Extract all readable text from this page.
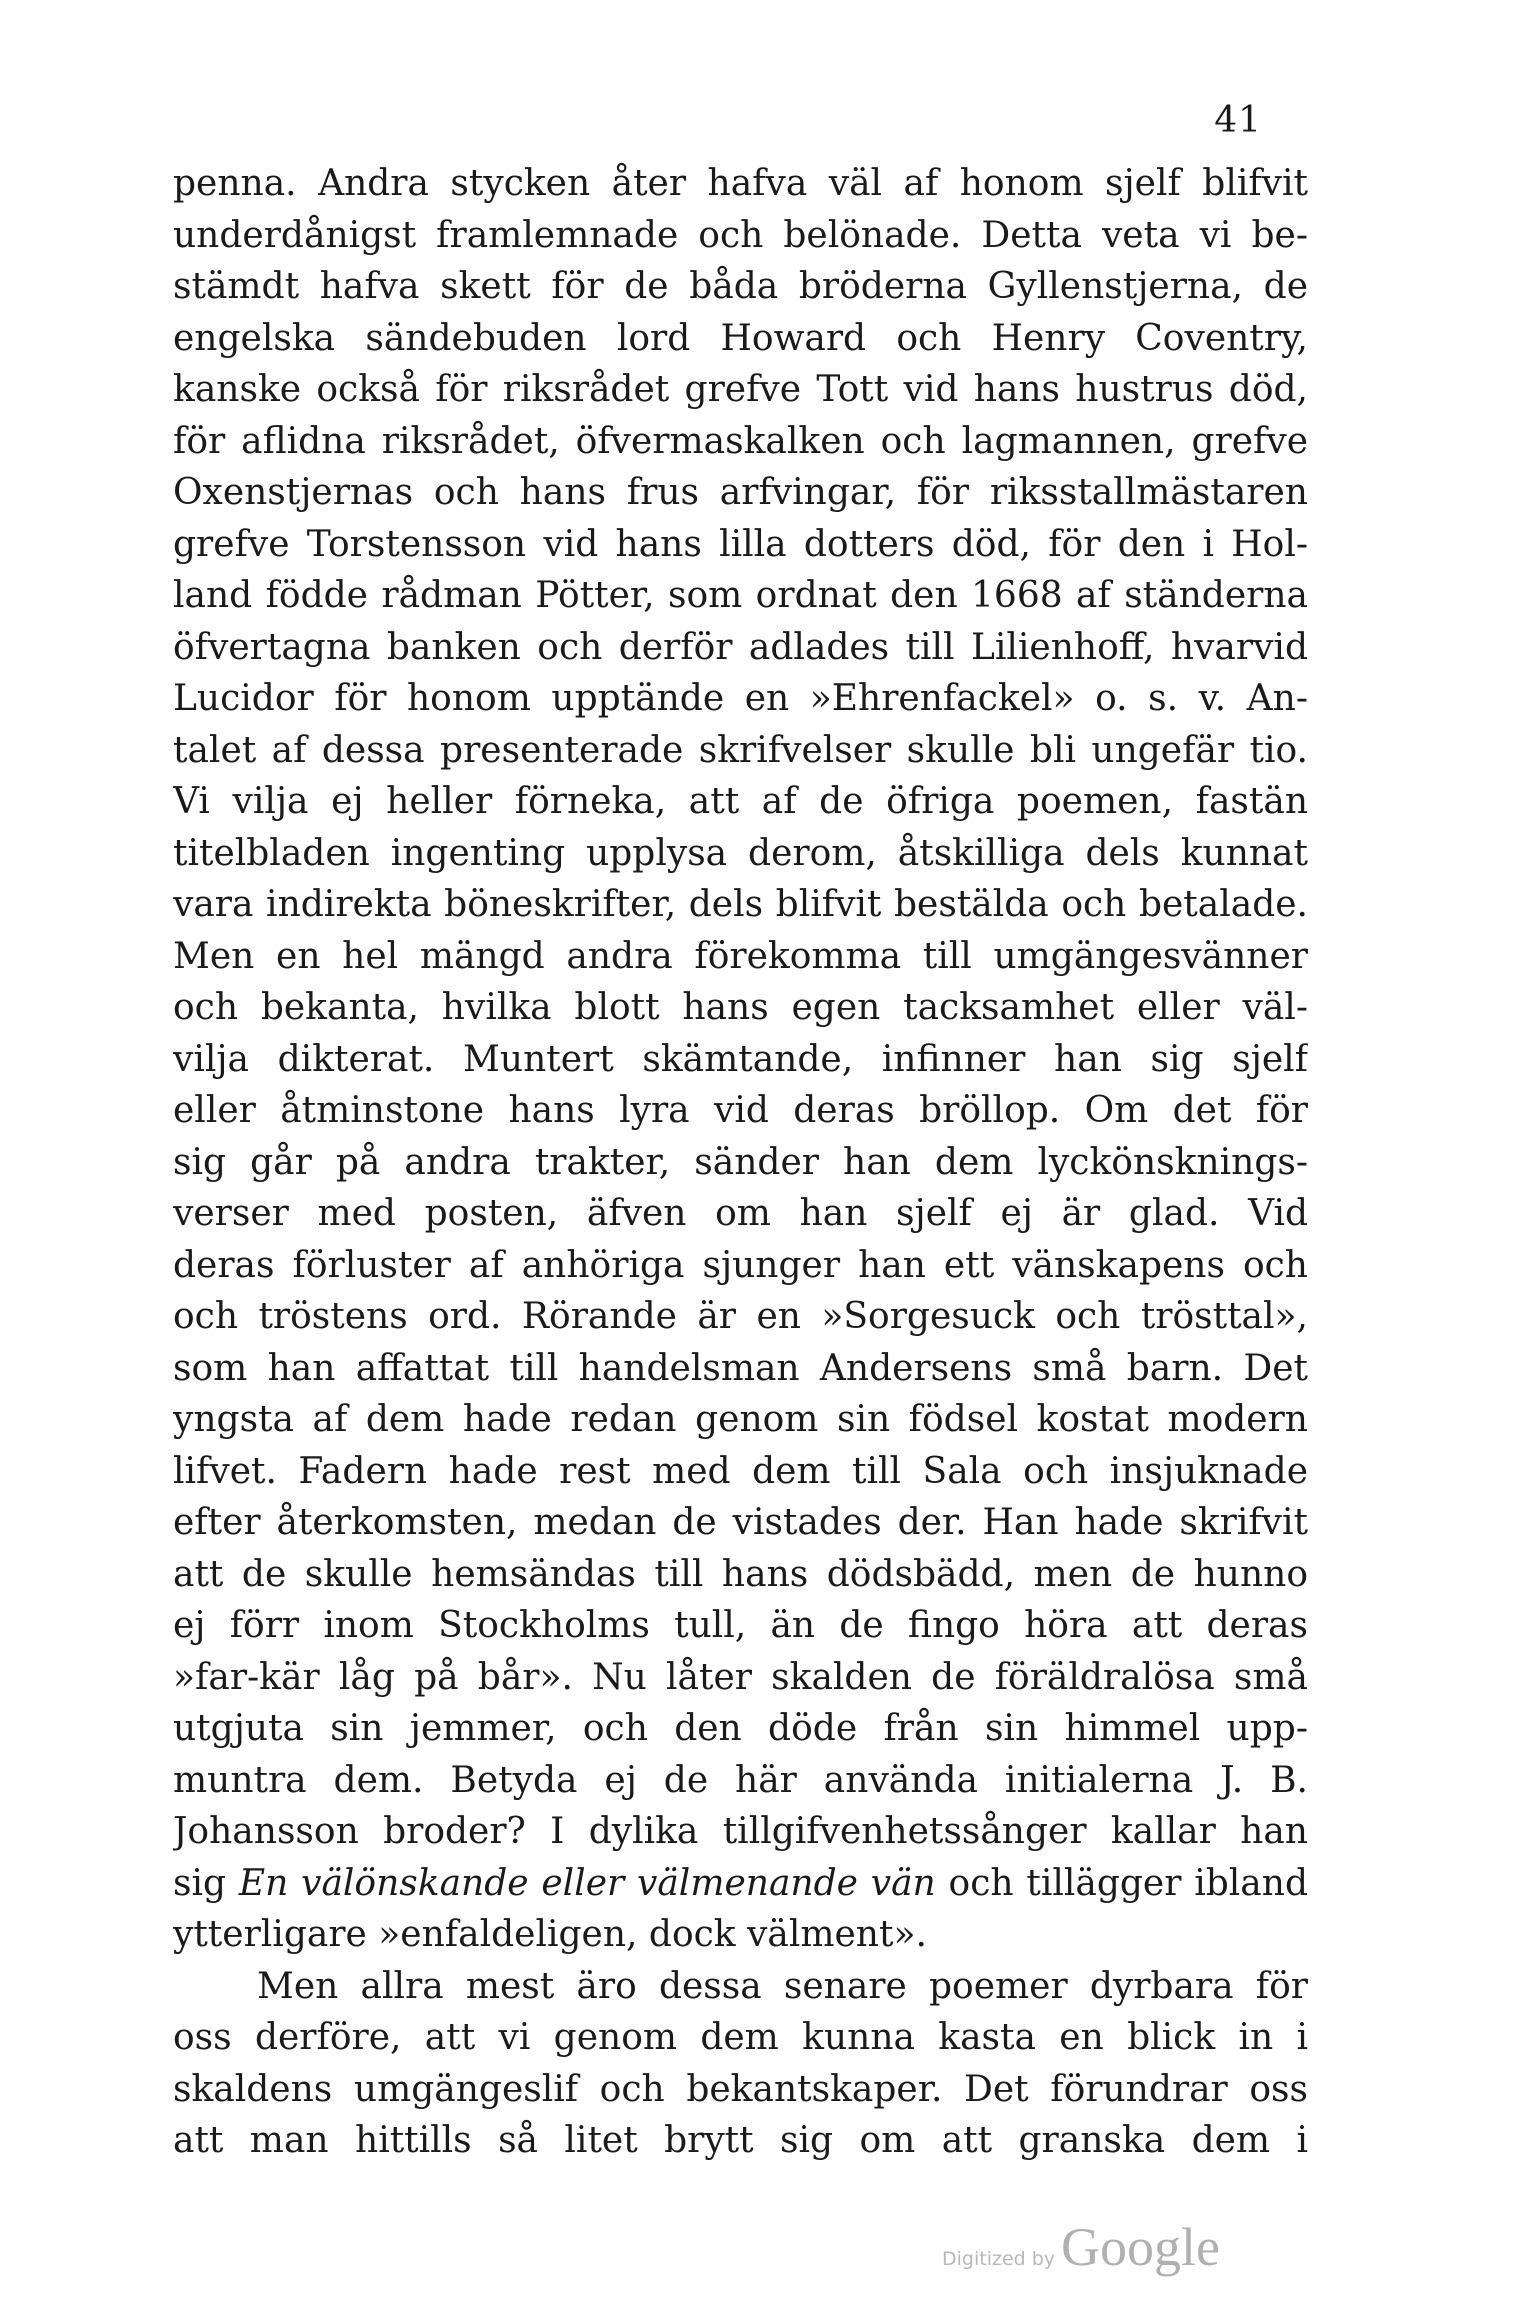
41
penna. Andra stycken åter hafva väl af honom sjelf blifvit
underdånigst framlemnade och belönade. Detta veta vi be-
stämdt hafva skett för de båda bröderna Gyllenstjerna, de
engelska sändebuden lord Howard och Henry Coventry,
kanske också för riksrådet grefve Tott vid hans hustrus död,
för aflidna riksrådet, öfvermaskalken och lagmannen, grefve
Oxenstjernas och hans frus arfvingar, för riksstallmästaren
grefve Torstensson vid hans lilla dotters död, för den i Hol-
land födde rådman Pötter, som ordnat den 1668 af ständerna
öfvertagna banken och derför adlades till Lilienhoff, hvarvid
Lucidor för honom upptände en »Ehrenfackel» o. s. v. An-
talet af dessa presenterade skrifvelser skulle bli ungefär tio.
Vi vilja ej heller förneka, att af de öfriga poemen, fastän
titelbladen ingenting upplysa derom, åtskilliga dels kunnat
vara indirekta böneskrifter, dels blifvit bestälda och betalade.
Men en hel mängd andra förekomma till umgängesvänner
och bekanta, hvilka blott hans egen tacksamhet eller väl-
vilja dikterat. Muntert skämtande, infinner han sig sjelf
eller åtminstone hans lyra vid deras bröllop. Om det för
sig går på andra trakter, sänder han dem lyckönsknings-
verser med posten, äfven om han sjelf ej är glad. Vid
deras förluster af anhöriga sjunger han ett vänskapens och
och tröstens ord. Rörande är en »Sorgesuck och trösttal»,
som han affattat till handelsman Andersens små barn. Det
yngsta af dem hade redan genom sin födsel kostat modern
lifvet. Fadern hade rest med dem till Sala och insjuknade
efter återkomsten, medan de vistades der. Han hade skrifvit
att de skulle hemsändas till hans dödsbädd, men de hunno
ej förr inom Stockholms tull, än de fingo höra att deras
»far-kär låg på bår». Nu låter skalden de föräldralösa små
utgjuta sin jemmer, och den döde från sin himmel upp-
muntra dem. Betyda ej de här använda initialerna J. B.
Johansson broder? I dylika tillgifvenhetssånger kallar han
sig En välönskande eller välmenande vän och tillägger ibland
ytterligare »enfaldeligen, dock välment».
Men allra mest äro dessa senare poemer dyrbara för
oss derföre, att vi genom dem kunna kasta en blick in i
skaldens umgängeslif och bekantskaper. Det förundrar oss
att man hittills så litet brytt sig om att granska dem i
Digitized by Google
